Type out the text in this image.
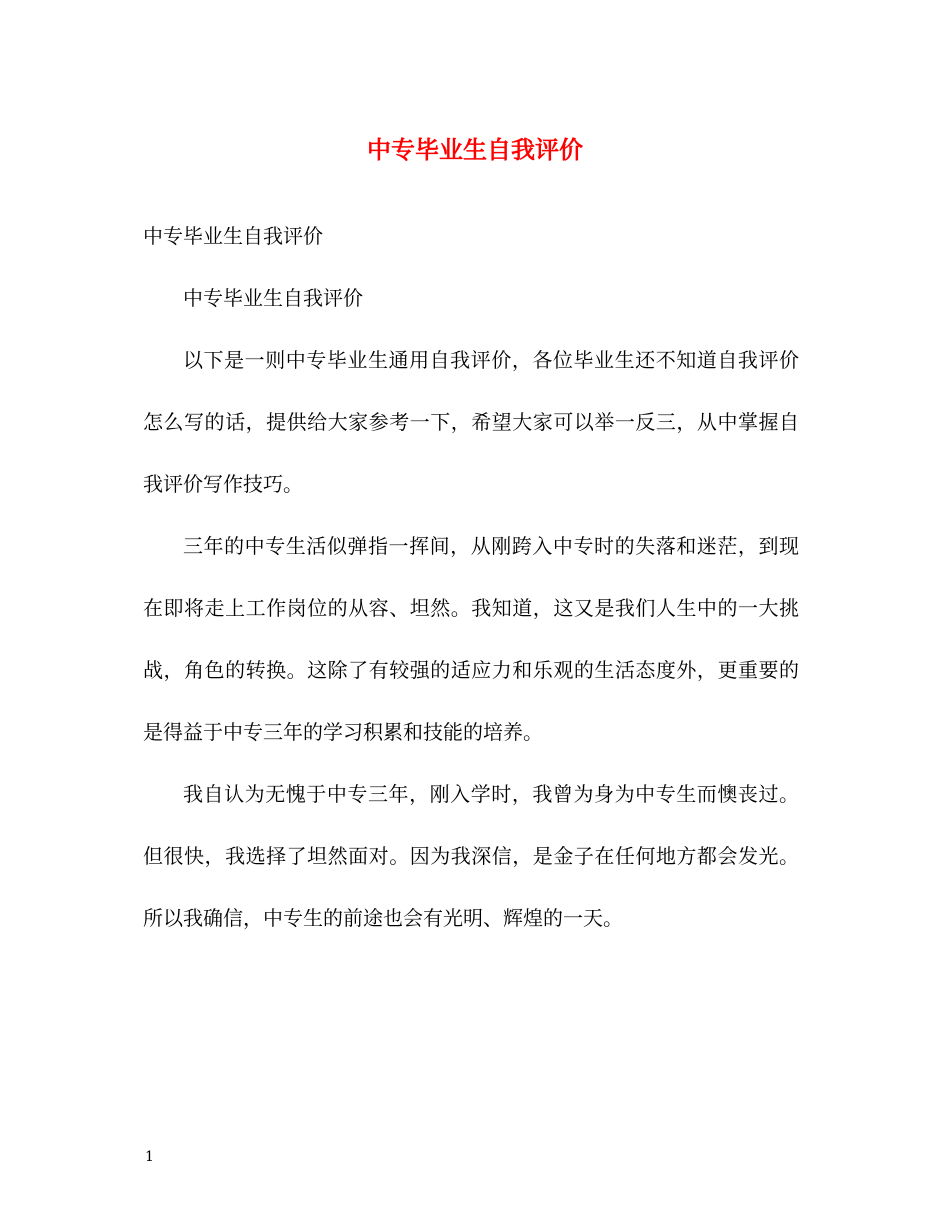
中专毕业生自我评价
中专毕业生自我评价

中专毕业生自我评价

以下是一则中专毕业生通用自我评价，各位毕业生还不知道自我评价怎么写的话，提供给大家参考一下，希望大家可以举一反三，从中掌握自我评价写作技巧。

三年的中专生活似弹指一挥间，从刚跨入中专时的失落和迷茫，到现在即将走上工作岗位的从容、坦然。我知道，这又是我们人生中的一大挑战，角色的转换。这除了有较强的适应力和乐观的生活态度外，更重要的是得益于中专三年的学习积累和技能的培养。

我自认为无愧于中专三年，刚入学时，我曾为身为中专生而懊丧过。但很快，我选择了坦然面对。因为我深信，是金子在任何地方都会发光。所以我确信，中专生的前途也会有光明、辉煌的一天。

1
